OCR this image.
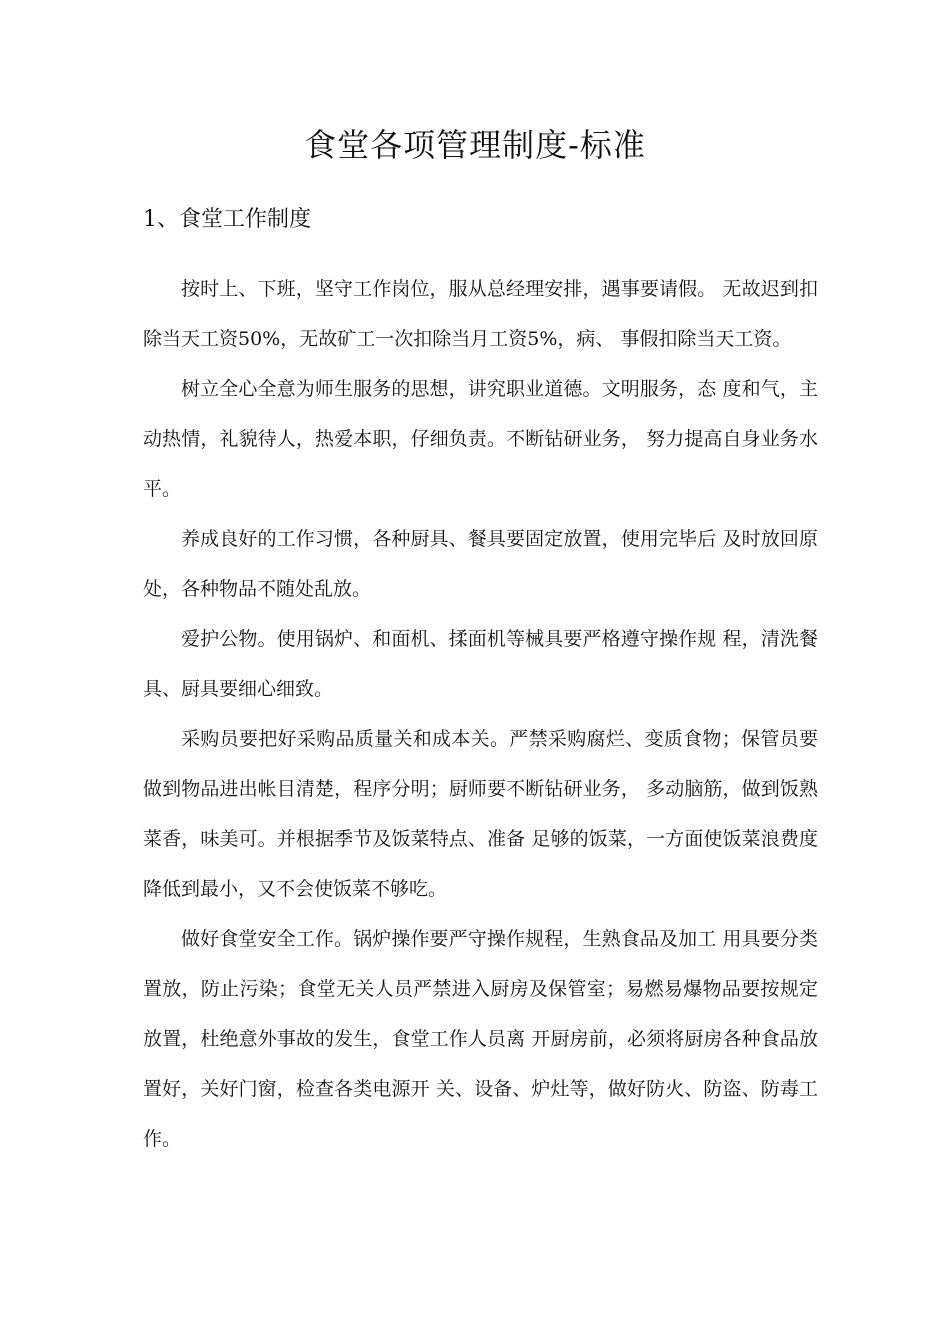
食堂各项管理制度-标准
1、食堂工作制度

按时上、下班，坚守工作岗位，服从总经理安排，遇事要请假。 无故迟到扣除当天工资50%，无故矿工一次扣除当月工资5%，病、 事假扣除当天工资。

树立全心全意为师生服务的思想，讲究职业道德。文明服务，态 度和气，主动热情，礼貌待人，热爱本职，仔细负责。不断钻研业务， 努力提高自身业务水平。

养成良好的工作习惯，各种厨具、餐具要固定放置，使用完毕后 及时放回原处，各种物品不随处乱放。

爱护公物。使用锅炉、和面机、揉面机等械具要严格遵守操作规 程，清洗餐具、厨具要细心细致。

采购员要把好采购品质量关和成本关。严禁采购腐烂、变质食物；保管员要做到物品进出帐目清楚，程序分明；厨师要不断钻研业务， 多动脑筋，做到饭熟菜香，味美可。并根据季节及饭菜特点、准备 足够的饭菜，一方面使饭菜浪费度降低到最小，又不会使饭菜不够吃。

做好食堂安全工作。锅炉操作要严守操作规程，生熟食品及加工 用具要分类置放，防止污染；食堂无关人员严禁进入厨房及保管室；易燃易爆物品要按规定放置，杜绝意外事故的发生，食堂工作人员离 开厨房前，必须将厨房各种食品放置好，关好门窗，检查各类电源开 关、设备、炉灶等，做好防火、防盗、防毒工作。
